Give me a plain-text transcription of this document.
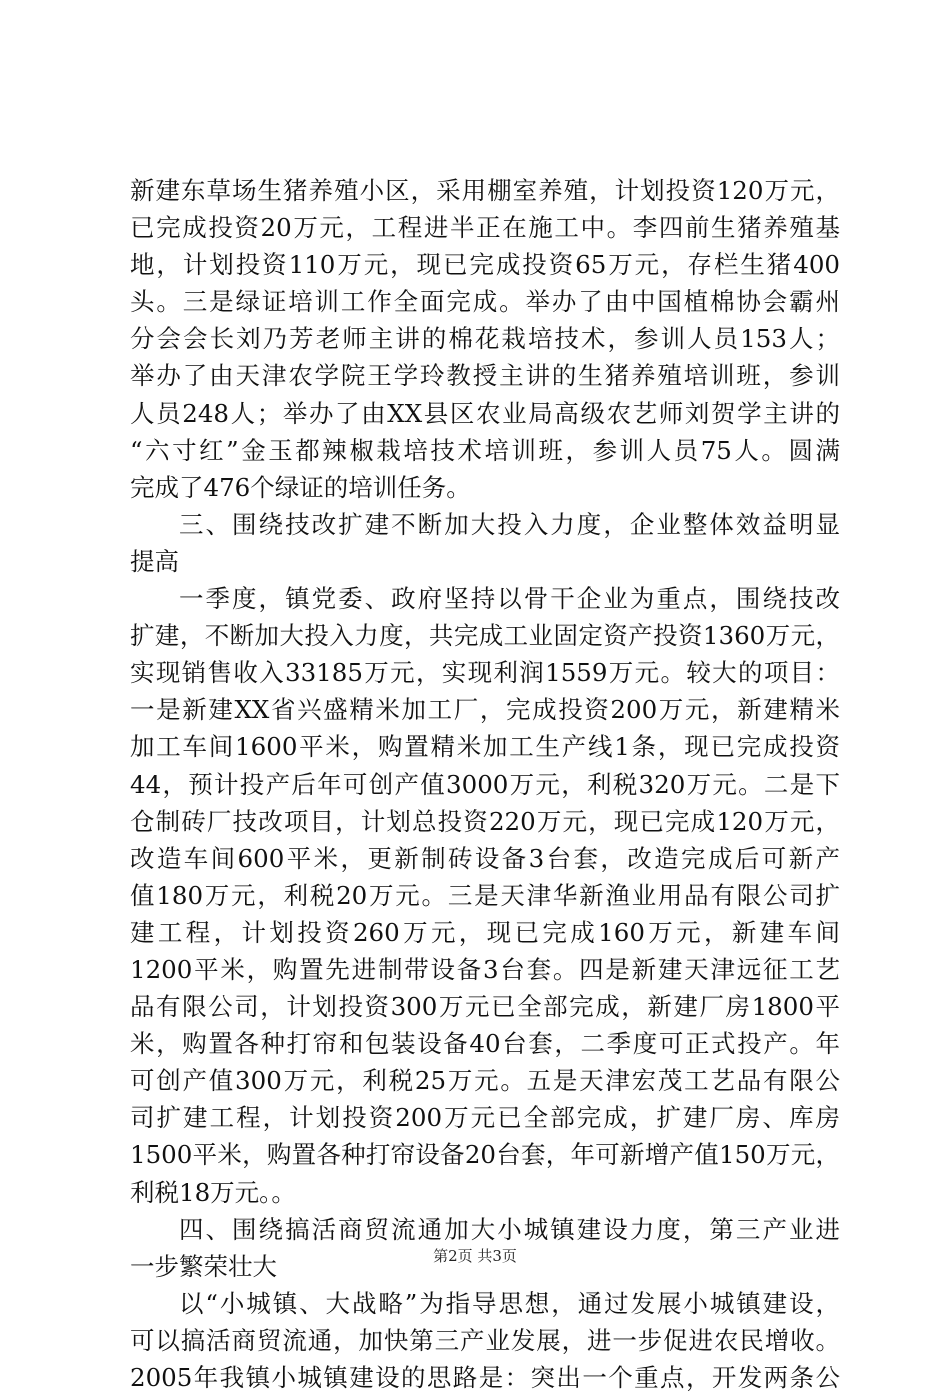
新建东草场生猪养殖小区，采用棚室养殖，计划投资120万元，
已完成投资20万元，工程进半正在施工中。李四前生猪养殖基
地，计划投资110万元，现已完成投资65万元，存栏生猪400
头。三是绿证培训工作全面完成。举办了由中国植棉协会霸州
分会会长刘乃芳老师主讲的棉花栽培技术，参训人员153人；
举办了由天津农学院王学玲教授主讲的生猪养殖培训班，参训
人员248人；举办了由XX县区农业局高级农艺师刘贺学主讲的
“六寸红”金玉都辣椒栽培技术培训班，参训人员75人。圆满
完成了476个绿证的培训任务。
三、围绕技改扩建不断加大投入力度，企业整体效益明显
提高
一季度，镇党委、政府坚持以骨干企业为重点，围绕技改
扩建，不断加大投入力度，共完成工业固定资产投资1360万元，
实现销售收入33185万元，实现利润1559万元。较大的项目：
一是新建XX省兴盛精米加工厂，完成投资200万元，新建精米
加工车间1600平米，购置精米加工生产线1条，现已完成投资
44，预计投产后年可创产值3000万元，利税320万元。二是下
仓制砖厂技改项目，计划总投资220万元，现已完成120万元，
改造车间600平米，更新制砖设备3台套，改造完成后可新产
值180万元，利税20万元。三是天津华新渔业用品有限公司扩
建工程，计划投资260万元，现已完成160万元，新建车间
1200平米，购置先进制带设备3台套。四是新建天津远征工艺
品有限公司，计划投资300万元已全部完成，新建厂房1800平
米，购置各种打帘和包装设备40台套，二季度可正式投产。年
可创产值300万元，利税25万元。五是天津宏茂工艺品有限公
司扩建工程，计划投资200万元已全部完成，扩建厂房、库房
1500平米，购置各种打帘设备20台套，年可新增产值150万元，
利税18万元。。
四、围绕搞活商贸流通加大小城镇建设力度，第三产业进
一步繁荣壮大
以“小城镇、大战略”为指导思想，通过发展小城镇建设，
可以搞活商贸流通，加快第三产业发展，进一步促进农民增收。
2005年我镇小城镇建设的思路是：突出一个重点，开发两条公
第2页 共3页
